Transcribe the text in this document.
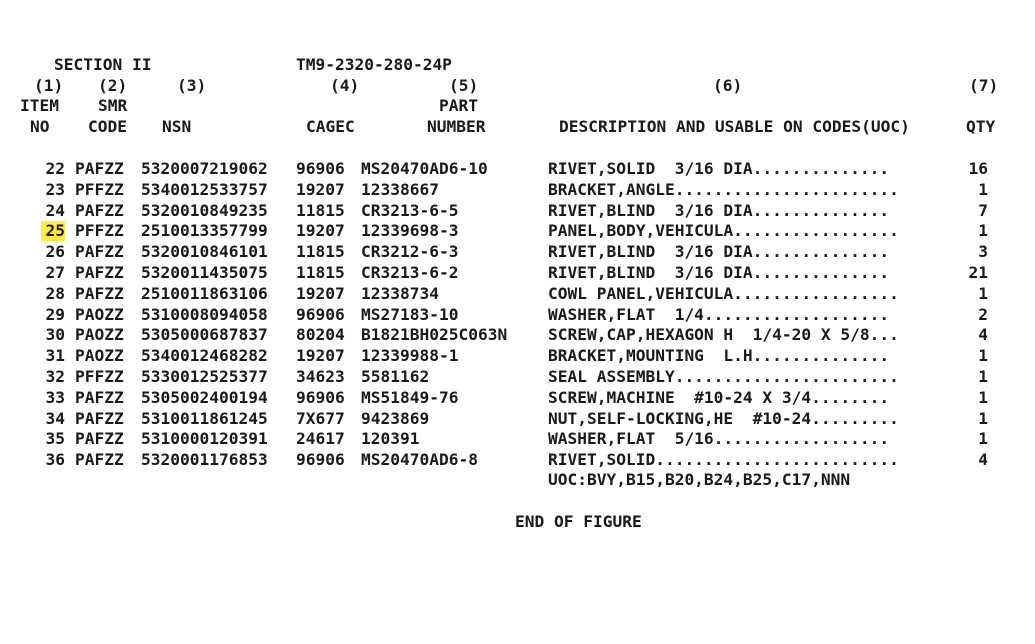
SECTION II	TM9-2320-280-24P
(1) (2)	(3)	(4)	(5)	(6)	(7)
ITEM SMR	PART
NO CODE NSN	CAGEC	NUMBER	DESCRIPTION AND USABLE ON CODES(UOC)	QTY
22 PAFZZ 5320007219062 96906 MS20470AD6-10	RIVET,SOLID  3/16 DIA..............	16
23 PFFZZ 5340012533757 19207 12338667	BRACKET,ANGLE.......................	1
24 PAFZZ 5320010849235 11815 CR3213-6-5	RIVET,BLIND  3/16 DIA..............	7
25 PFFZZ 2510013357799 19207 12339698-3	PANEL,BODY,VEHICULA.................	1
26 PAFZZ 5320010846101 11815 CR3212-6-3	RIVET,BLIND  3/16 DIA..............	3
27 PAFZZ 5320011435075 11815 CR3213-6-2	RIVET,BLIND  3/16 DIA..............	21
28 PAFZZ 2510011863106 19207 12338734	COWL PANEL,VEHICULA.................	1
29 PAOZZ 5310008094058 96906 MS27183-10	WASHER,FLAT  1/4...................	2
30 PAOZZ 5305000687837 80204 B1821BH025C063N	SCREW,CAP,HEXAGON H  1/4-20 X 5/8...	4
31 PAOZZ 5340012468282 19207 12339988-1	BRACKET,MOUNTING  L.H..............	1
32 PFFZZ 5330012525377 34623 5581162	SEAL ASSEMBLY.......................	1
33 PAFZZ 5305002400194 96906 MS51849-76	SCREW,MACHINE  #10-24 X 3/4........	1
34 PAFZZ 5310011861245 7X677 9423869	NUT,SELF-LOCKING,HE  #10-24.........	1
35 PAFZZ 5310000120391 24617 120391	WASHER,FLAT  5/16..................	1
36 PAFZZ 5320001176853 96906 MS20470AD6-8	RIVET,SOLID.........................	4
UOC:BVY,B15,B20,B24,B25,C17,NNN
END OF FIGURE
